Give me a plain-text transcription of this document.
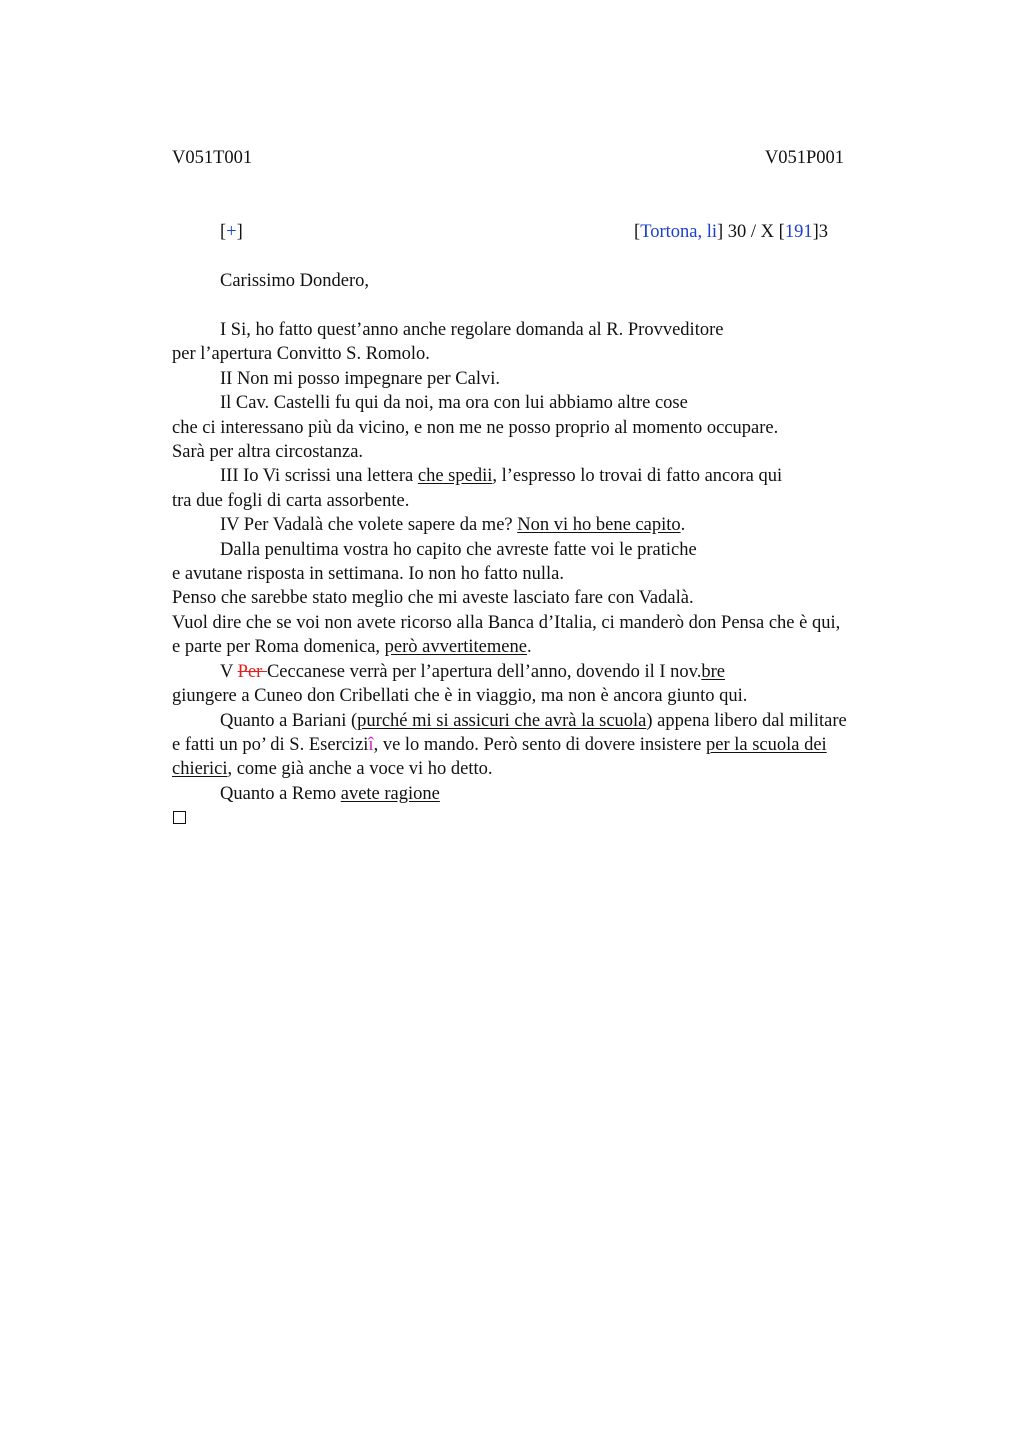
V051T001	V051P001
[+]	[Tortona, li] 30 / X [191]3
Carissimo Dondero,

I Si, ho fatto quest’anno anche regolare domanda al R. Provveditore

per l’apertura Convitto S. Romolo.

II Non mi posso impegnare per Calvi.

Il Cav. Castelli fu qui da noi, ma ora con lui abbiamo altre cose

che ci interessano più da vicino, e non me ne posso proprio al momento occupare.

Sarà per altra circostanza.

III Io Vi scrissi una lettera che spedii, l’espresso lo trovai di fatto ancora qui

tra due fogli di carta assorbente.

IV Per Vadalà che volete sapere da me? Non vi ho bene capito.

Dalla penultima vostra ho capito che avreste fatte voi le pratiche

e avutane risposta in settimana. Io non ho fatto nulla.

Penso che sarebbe stato meglio che mi aveste lasciato fare con Vadalà.

Vuol dire che se voi non avete ricorso alla Banca d’Italia, ci manderò don Pensa che è qui,

e parte per Roma domenica, però avvertitemene.

V Per Ceccanese verrà per l’apertura dell’anno, dovendo il I nov.bre

giungere a Cuneo don Cribellati che è in viaggio, ma non è ancora giunto qui.

Quanto a Bariani (purché mi si assicuri che avrà la scuola) appena libero dal militare

e fatti un po’ di S. Eserciziî, ve lo mando. Però sento di dovere insistere per la scuola dei chierici, come già anche a voce vi ho detto.

Quanto a Remo avete ragione
